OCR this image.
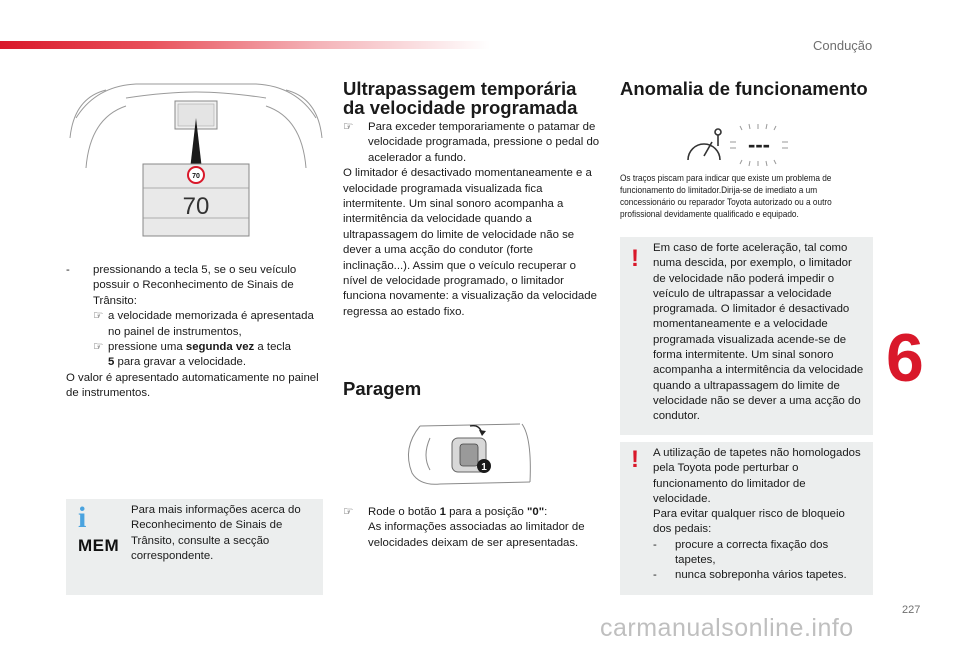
Condução
70
70

- pressionando a tecla 5, se o seu veículo possuir o Reconhecimento de Sinais de Trânsito:

☞ a velocidade memorizada é apresentada no painel de instrumentos,

☞ pressione uma segunda vez a tecla

5 para gravar a velocidade.

O valor é apresentado automaticamente no painel de instrumentos.

i
MEM
Para mais informações acerca do Reconhecimento de Sinais de Trânsito, consulte a secção correspondente.
Ultrapassagem temporária
da velocidade programada

☞ Para exceder temporariamente o patamar de velocidade programada, pressione o pedal do acelerador a fundo.

O limitador é desactivado momentaneamente e a velocidade programada visualizada fica intermitente. Um sinal sonoro acompanha a intermitência da velocidade quando a ultrapassagem do limite de velocidade não se dever a uma acção do condutor (forte inclinação...). Assim que o veículo recuperar o nível de velocidade programado, o limitador funciona novamente: a visualização da velocidade regressa ao estado fixo.

Paragem
1

☞ Rode o botão 1 para a posição "0":

As informações associadas ao limitador de velocidades deixam de ser apresentadas.

Anomalia de funcionamento
---
Os traços piscam para indicar que existe um problema de funcionamento do limitador.Dirija-se de imediato a um concessionário ou reparador Toyota autorizado ou a outro profissional devidamente qualificado e equipado.
! Em caso de forte aceleração, tal como numa descida, por exemplo, o limitador de velocidade não poderá impedir o veículo de ultrapassar a velocidade programada. O limitador é desactivado momentaneamente e a velocidade programada visualizada acende-se de forma intermitente. Um sinal sonoro acompanha a intermitência da velocidade quando a ultrapassagem do limite de velocidade não se dever a uma acção do condutor.
! A utilização de tapetes não homologados pela Toyota pode perturbar o funcionamento do limitador de velocidade.
Para evitar qualquer risco de bloqueio dos pedais:
- procure a correcta fixação dos tapetes,
- nunca sobreponha vários tapetes.
6
227
carmanualsonline.info
